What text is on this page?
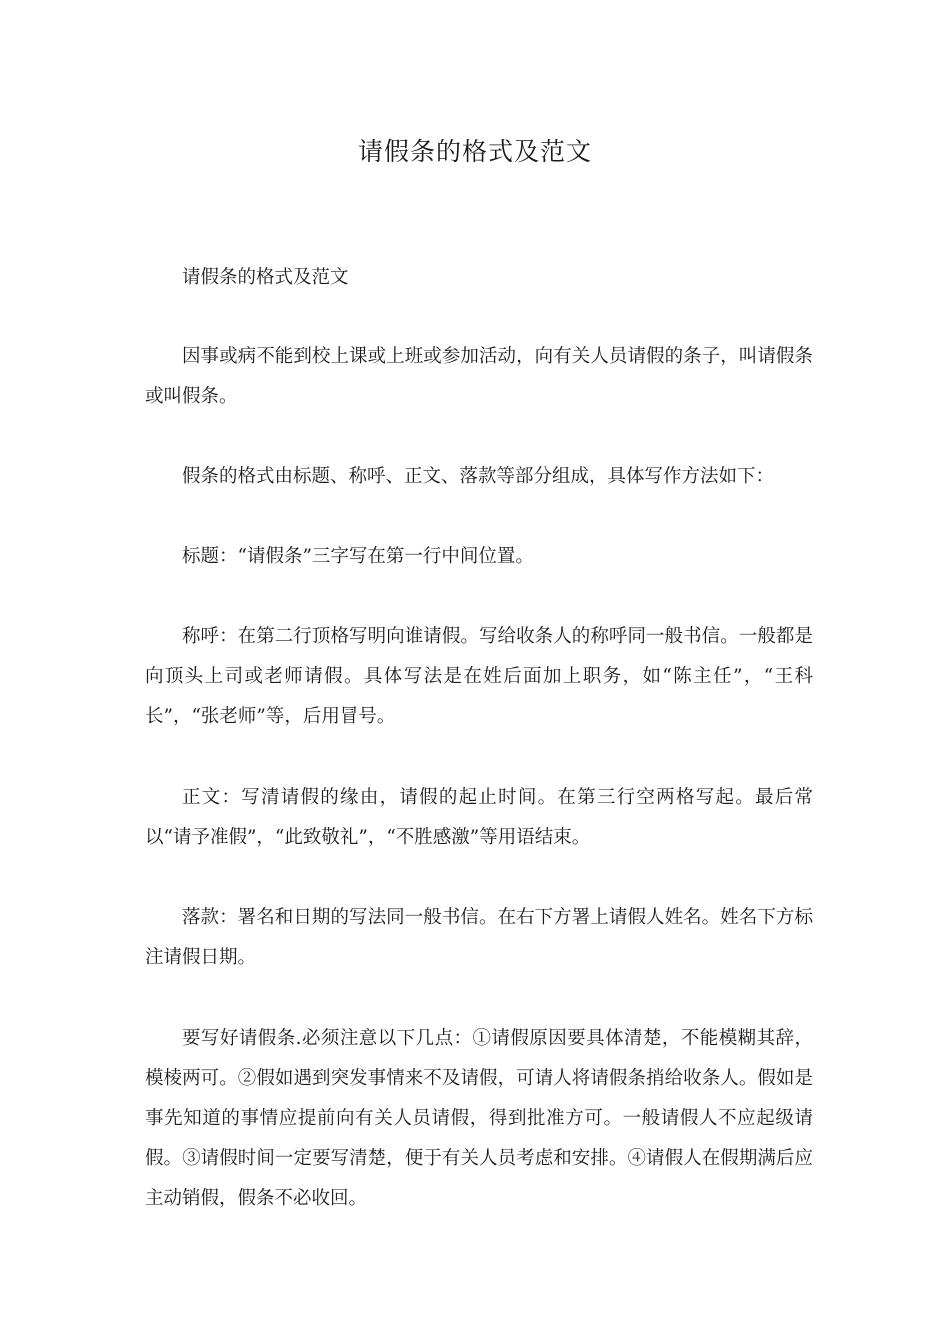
请假条的格式及范文

请假条的格式及范文

因事或病不能到校上课或上班或参加活动，向有关人员请假的条子，叫请假条或叫假条。

假条的格式由标题、称呼、正文、落款等部分组成，具体写作方法如下：

标题：“请假条”三字写在第一行中间位置。

称呼：在第二行顶格写明向谁请假。写给收条人的称呼同一般书信。一般都是向顶头上司或老师请假。具体写法是在姓后面加上职务，如“陈主任”，“王科长”，“张老师”等，后用冒号。

正文：写清请假的缘由，请假的起止时间。在第三行空两格写起。最后常以“请予准假”，“此致敬礼”，“不胜感激”等用语结束。

落款：署名和日期的写法同一般书信。在右下方署上请假人姓名。姓名下方标注请假日期。

要写好请假条.必须注意以下几点：①请假原因要具体清楚，不能模糊其辞，模棱两可。②假如遇到突发事情来不及请假，可请人将请假条捎给收条人。假如是事先知道的事情应提前向有关人员请假，得到批准方可。一般请假人不应起级请假。③请假时间一定要写清楚，便于有关人员考虑和安排。④请假人在假期满后应主动销假，假条不必收回。
